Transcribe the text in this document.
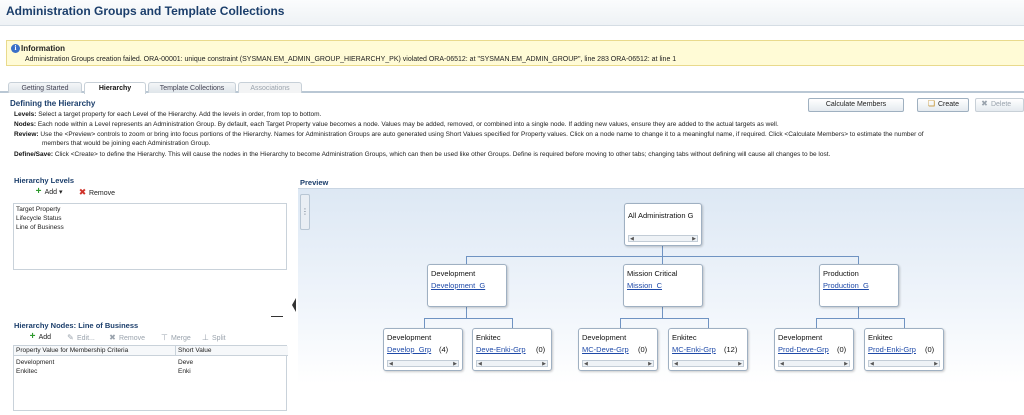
Administration Groups and Template Collections
i Information
Administration Groups creation failed. ORA-00001: unique constraint (SYSMAN.EM_ADMIN_GROUP_HIERARCHY_PK) violated ORA-06512: at "SYSMAN.EM_ADMIN_GROUP", line 283 ORA-06512: at line 1
Getting Started	Hierarchy	Template Collections	Associations
Defining the Hierarchy	Calculate Members	❏ Create	✖ Delete
Levels: Select a target property for each Level of the Hierarchy. Add the levels in order, from top to bottom.
Nodes: Each node within a Level represents an Administration Group. By default, each Target Property value becomes a node. Values may be added, removed, or combined into a single node. If adding new values, ensure they are added to the actual targets as well.
Review: Use the <Preview> controls to zoom or bring into focus portions of the Hierarchy. Names for Administration Groups are auto generated using Short Values specified for Property values. Click on a node name to change it to a meaningful name, if required. Click <Calculate Members> to estimate the number of
members that would be joining each Administration Group.
Define/Save: Click <Create> to define the Hierarchy. This will cause the nodes in the Hierarchy to become Administration Groups, which can then be used like other Groups. Define is required before moving to other tabs; changing tabs without defining will cause all changes to be lost.
Hierarchy Levels
+ Add ▾ ✖ Remove
Target Property
Lifecycle Status
Line of Business
Hierarchy Nodes: Line of Business
+ Add ✎ Edit... ✖ Remove ⊤ Merge ⊥ Split
Property Value for Membership Criteria	Short Value
Development	Deve
Enkitec	Enki
Preview
⋮	All Administration G
◀	▶
Development
Development_G
Mission Critical
Mission_C
Production
Production_G
Development
Develop_Grp (4)
◀	▶
Enkitec
Deve-Enki-Grp (0)
◀	▶
Development
MC-Deve-Grp (0)
◀	▶
Enkitec
MC-Enki-Grp (12)
◀	▶
Development
Prod-Deve-Grp (0)
◀	▶
Enkitec
Prod-Enki-Grp (0)
◀	▶
